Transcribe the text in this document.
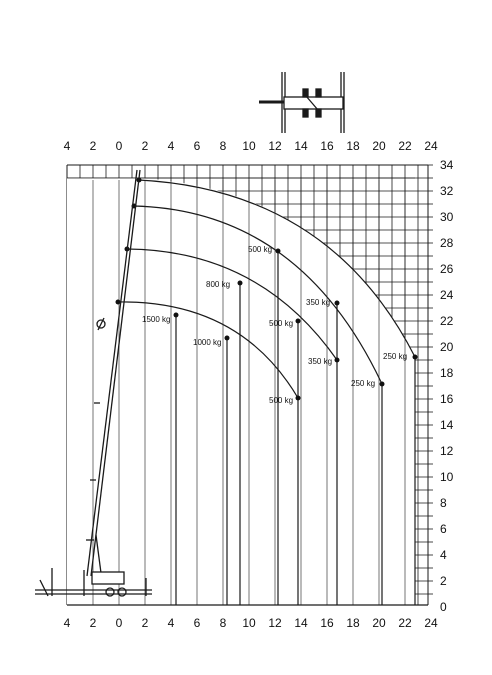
4 2 0 2 4 6 8 10 12 14 16 18 20 22 24
4 2 0 2 4 6 8 10 12 14 16 18 20 22 24
34
32
30
28
26
24
22
20
18
16
14
12
10
8
6
4
2
0
1500 kg
1000 kg
800 kg
500 kg
500 kg
500 kg
350 kg
350 kg
250 kg
250 kg
